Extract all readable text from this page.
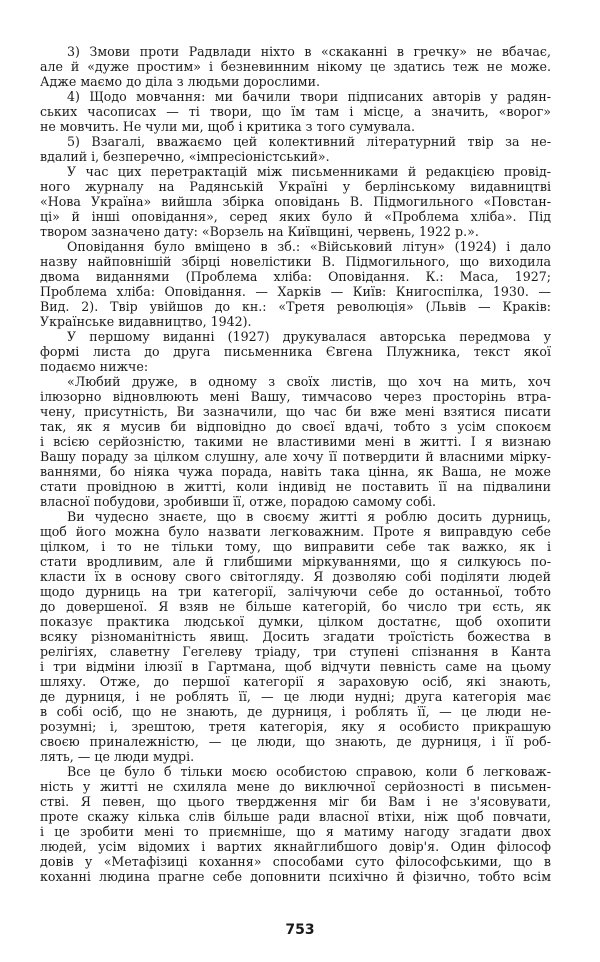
3) Змови проти Радвлади ніхто в «скаканні в гречку» не вбачає,
але й «дуже простим» і безневинним нікому це здатись теж не може.
Адже маємо до діла з людьми дорослими.
4) Щодо мовчання: ми бачили твори підписаних авторів у радян-
ських часописах — ті твори, що їм там і місце, а значить, «ворог»
не мовчить. Не чули ми, щоб і критика з того сумувала.
5) Взагалі, вважаємо цей колективний літературний твір за не-
вдалий і, безперечно, «імпресіоністський».
У час цих перетрактацій між письменниками й редакцією провід-
ного журналу на Радянській Україні у берлінському видавництві
«Нова Україна» вийшла збірка оповідань В. Підмогильного «Повстан-
ці» й інші оповідання», серед яких було й «Проблема хліба». Під
твором зазначено дату: «Ворзель на Київщині, червень, 1922 р.».
Оповідання було вміщено в зб.: «Військовий літун» (1924) і дало
назву найповнішій збірці новелістики В. Підмогильного, що виходила
двома виданнями (Проблема хліба: Оповідання. К.: Маса, 1927;
Проблема хліба: Оповідання. — Харків — Київ: Книгоспілка, 1930. —
Вид. 2). Твір увійшов до кн.: «Третя революція» (Львів — Краків:
Українське видавництво, 1942).
У першому виданні (1927) друкувалася авторська передмова у
формі листа до друга письменника Євгена Плужника, текст якої
подаємо нижче:
«Любий друже, в одному з своїх листів, що хоч на мить, хоч
ілюзорно відновлюють мені Вашу, тимчасово через просторінь втра-
чену, присутність, Ви зазначили, що час би вже мені взятися писати
так, як я мусив би відповідно до своєї вдачі, тобто з усім спокоєм
і всією серйозністю, такими не властивими мені в житті. І я визнаю
Вашу пораду за цілком слушну, але хочу її потвердити й власними мірку-
ваннями, бо ніяка чужа порада, навіть така цінна, як Ваша, не може
стати провідною в житті, коли індивід не поставить її на підвалини
власної побудови, зробивши її, отже, порадою самому собі.
Ви чудесно знаєте, що в своєму житті я роблю досить дурниць,
щоб його можна було назвати легковажним. Проте я виправдую себе
цілком, і то не тільки тому, що виправити себе так важко, як і
стати вродливим, але й глибшими міркуваннями, що я силкуюсь по-
класти їх в основу свого світогляду. Я дозволяю собі поділяти людей
щодо дурниць на три категорії, залічуючи себе до останньої, тобто
до довершеної. Я взяв не більше категорій, бо число три єсть, як
показує практика людської думки, цілком достатнє, щоб охопити
всяку різноманітність явищ. Досить згадати троїстість божества в
релігіях, славетну Гегелеву тріаду, три ступені спізнання в Канта
і три відміни ілюзії в Гартмана, щоб відчути певність саме на цьому
шляху. Отже, до першої категорії я зараховую осіб, які знають,
де дурниця, і не роблять її, — це люди нудні; друга категорія має
в собі осіб, що не знають, де дурниця, і роблять її, — це люди не-
розумні; і, зрештою, третя категорія, яку я особисто прикрашую
своєю приналежністю, — це люди, що знають, де дурниця, і її роб-
лять, — це люди мудрі.
Все це було б тільки моєю особистою справою, коли б легковаж-
ність у житті не схиляла мене до виключної серйозності в письмен-
стві. Я певен, що цього твердження міг би Вам і не з'ясовувати,
проте скажу кілька слів більше ради власної втіхи, ніж щоб повчати,
і це зробити мені то приємніше, що я матиму нагоду згадати двох
людей, усім відомих і вартих якнайглибшого довір'я. Один філософ
довів у «Метафізиці кохання» способами суто філософськими, що в
коханні людина прагне себе доповнити психічно й фізично, тобто всім
753
